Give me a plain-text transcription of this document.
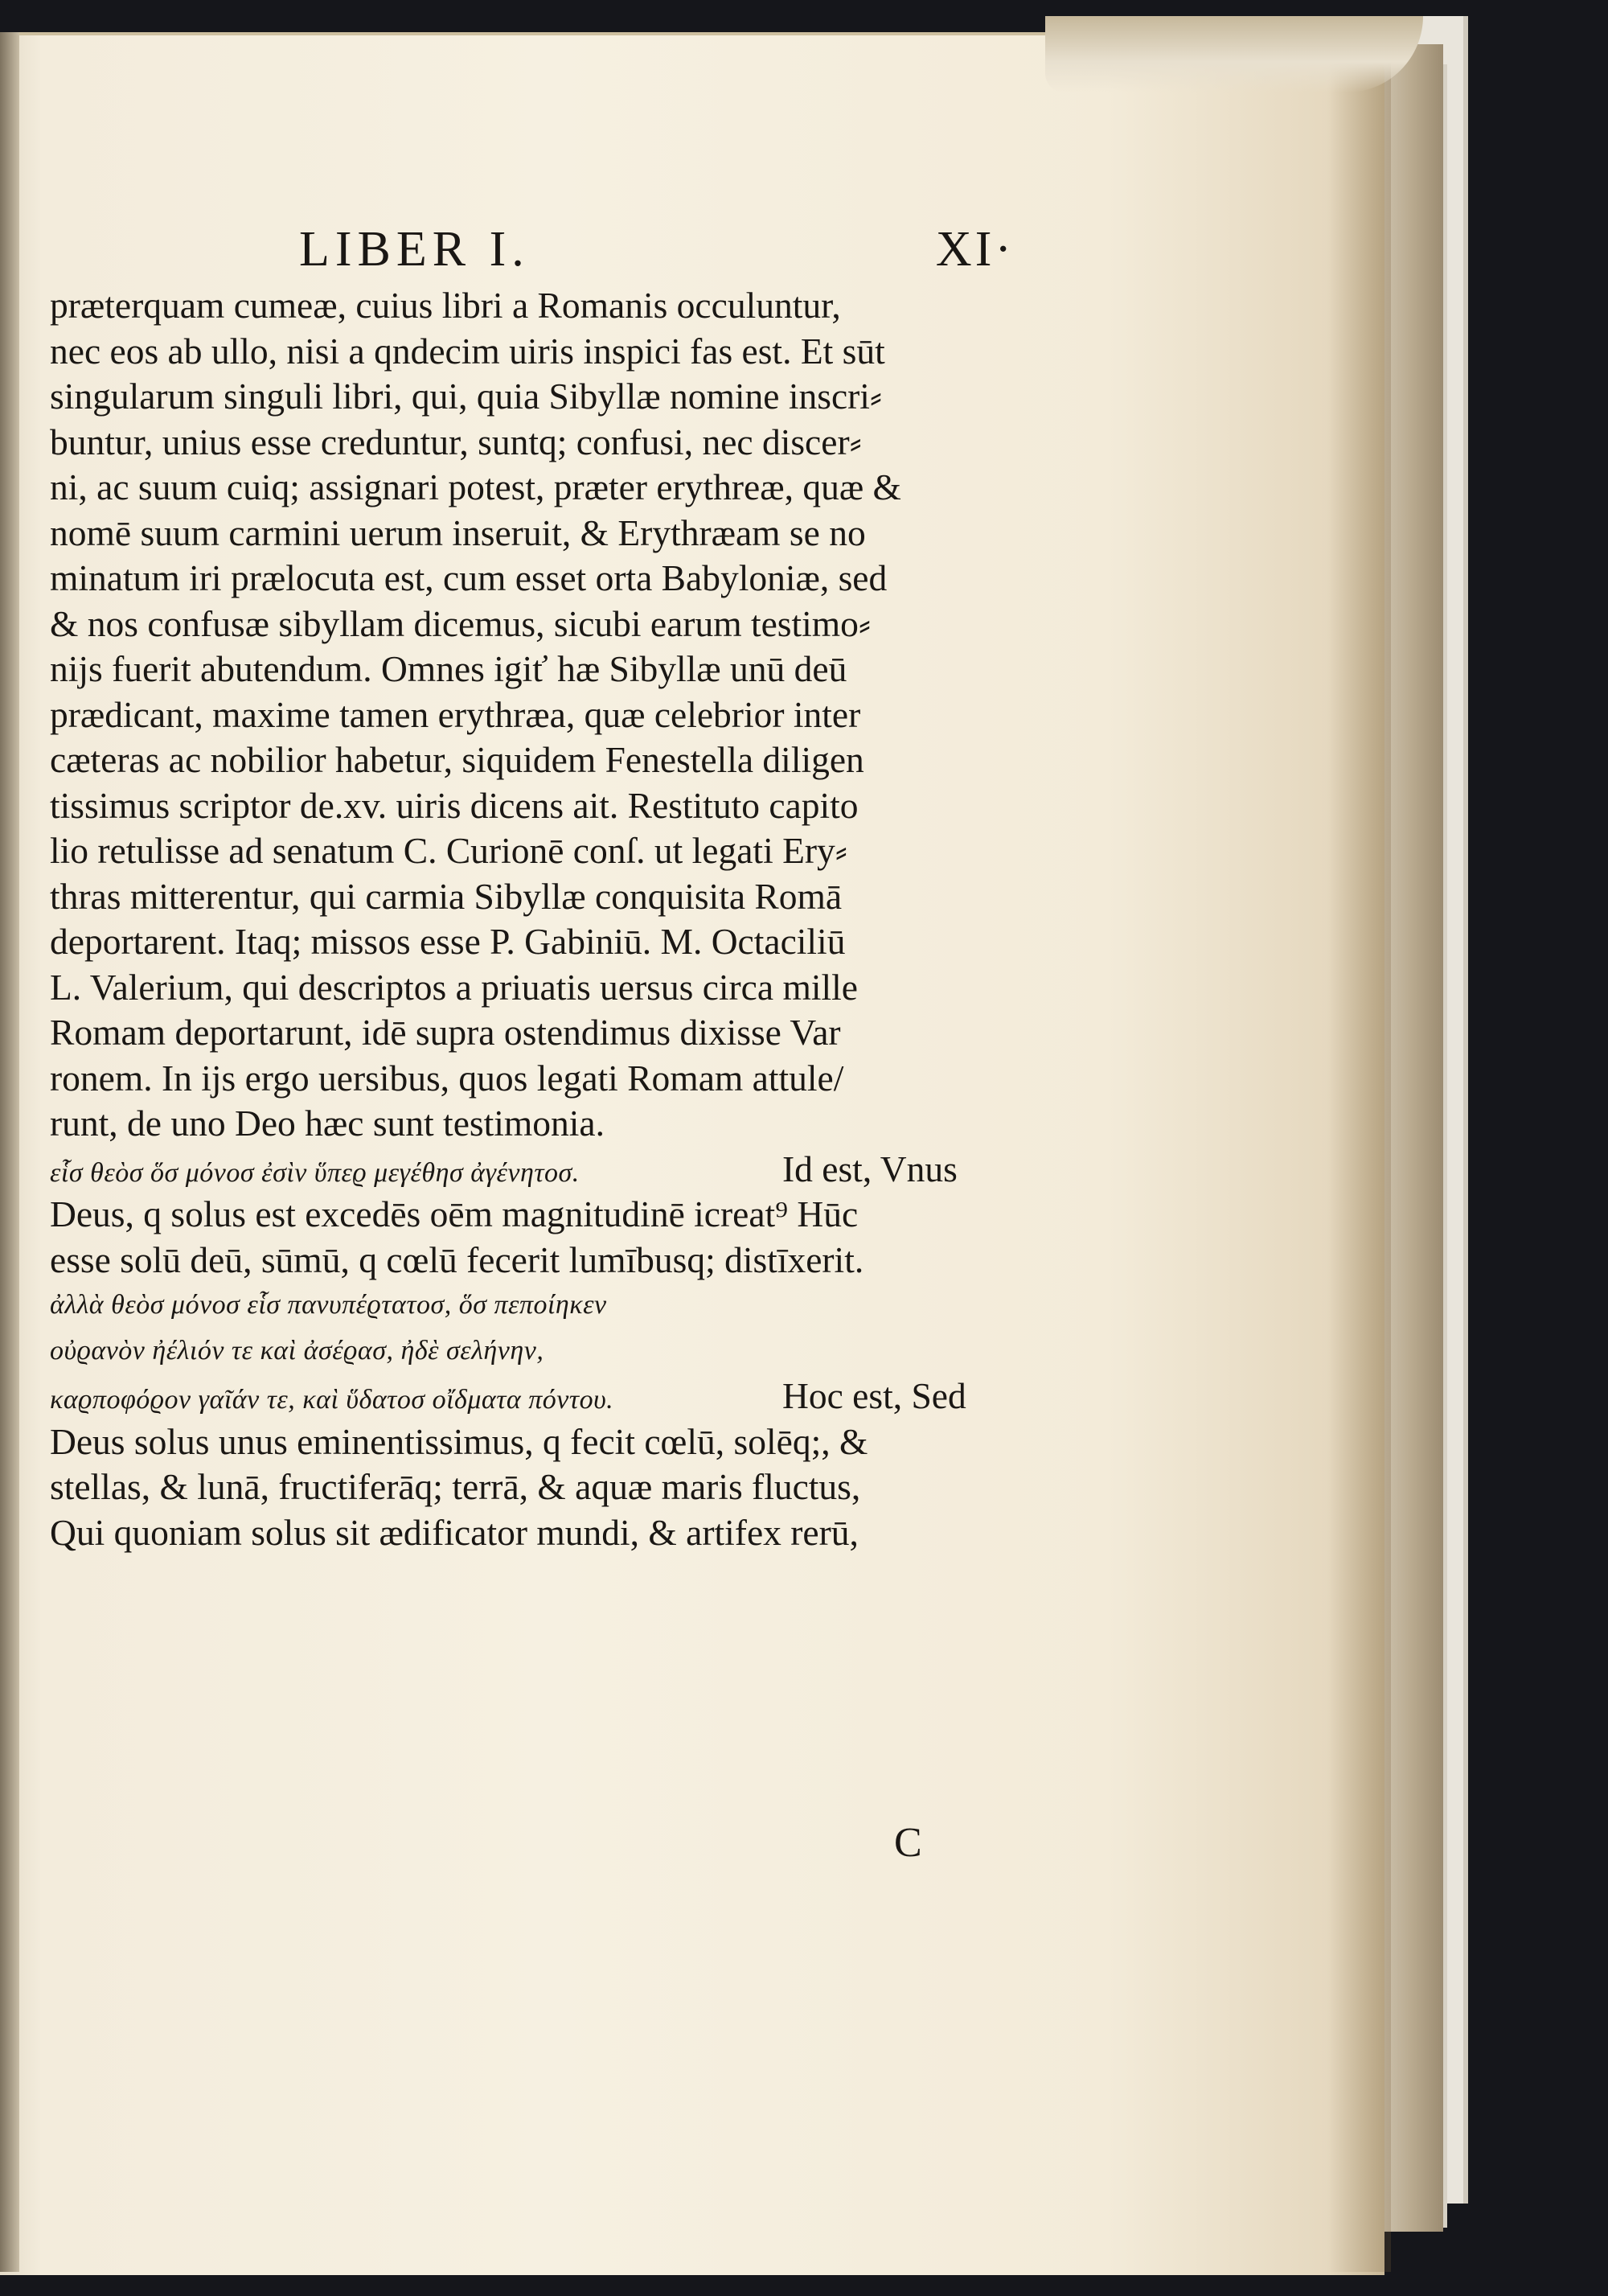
LIBER I.	XI·
præterquam cumeæ, cuius libri a Romanis occuluntur,
nec eos ab ullo, nisi a qndecim uiris inspici fas est. Et sūt
singularum singuli libri, qui, quia Sibyllæ nomine inscri⸗
buntur, unius esse creduntur, suntq; confusi, nec discer⸗
ni, ac suum cuiq; assignari potest, præter erythreæ, quæ &
nomē suum carmini uerum inseruit, & Erythræam se no
minatum iri prælocuta est, cum esset orta Babyloniæ, sed
& nos confusæ sibyllam dicemus, sicubi earum testimo⸗
nijs fuerit abutendum. Omnes igiť hæ Sibyllæ unū deū
prædicant, maxime tamen erythræa, quæ celebrior inter
cæteras ac nobilior habetur, siquidem Fenestella diligen
tissimus scriptor de.xv. uiris dicens ait. Restituto capito
lio retulisse ad senatum C. Curionē conſ. ut legati Ery⸗
thras mitterentur, qui carmia Sibyllæ conquisita Romā
deportarent. Itaq; missos esse P. Gabiniū. M. Octaciliū
L. Valerium, qui descriptos a priuatis uersus circa mille
Romam deportarunt, idē supra ostendimus dixisse Var
ronem. In ijs ergo uersibus, quos legati Romam attule/
runt, de uno Deo hæc sunt testimonia.
εἷσ θεὸσ ὅσ μόνοσ ἐσὶν ὕπεϱ μεγέθησ ἀγένητοσ.	Id est, Vnus
Deus, q solus est excedēs oēm magnitudinē icreat⁹ Hūc
esse solū deū, sūmū, q cœlū fecerit lumībusq; distīxerit.
ἀλλὰ θεὸσ μόνοσ εἷσ πανυπέϱτατοσ, ὅσ πεποίηκεν
οὐϱανὸν ἠέλιόν τε καὶ ἀσέϱασ, ἠδὲ σελήνην,
καϱποφόϱον γαῖάν τε, καὶ ὕδατοσ οἴδματα πόντου.	Hoc est, Sed
Deus solus unus eminentissimus, q fecit cœlū, solēq;, &
stellas, & lunā, fructiferāq; terrā, & aquæ maris fluctus,
Qui quoniam solus sit ædificator mundi, & artifex rerū,
C
